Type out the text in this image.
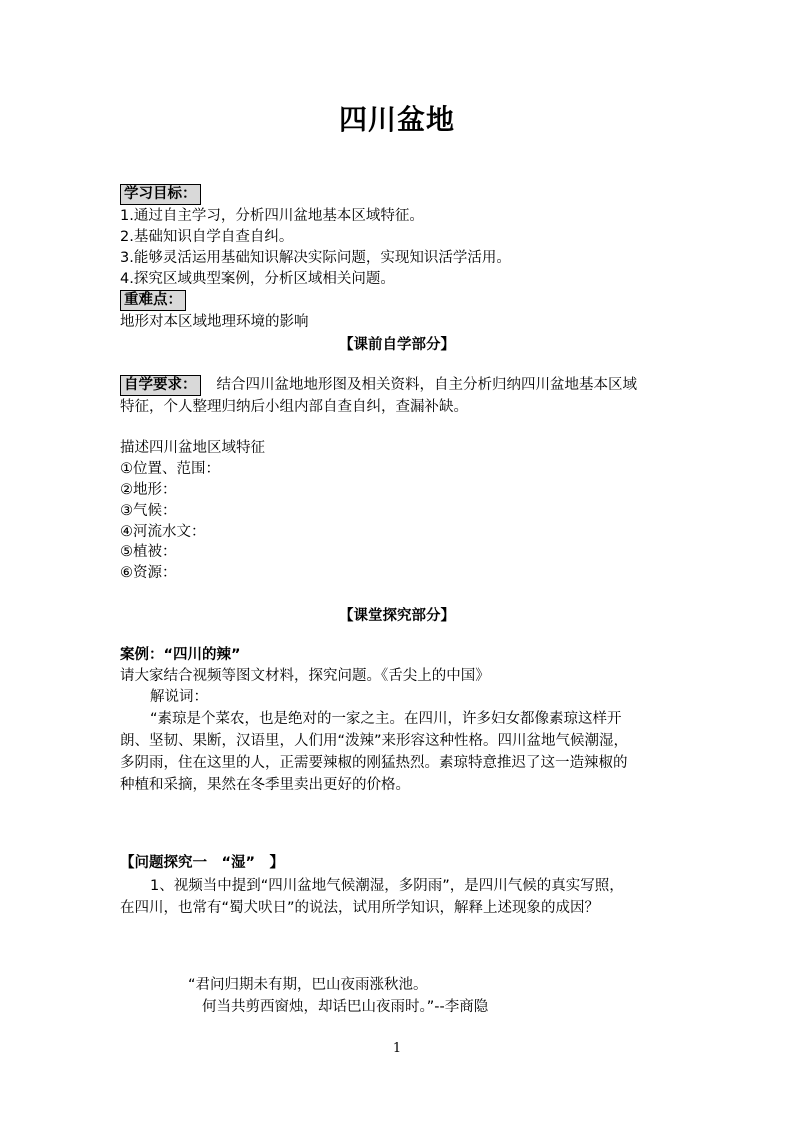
四川盆地
学习目标：
1.通过自主学习，分析四川盆地基本区域特征。
2.基础知识自学自查自纠。
3.能够灵活运用基础知识解决实际问题，实现知识活学活用。
4.探究区域典型案例，分析区域相关问题。
重难点：
地形对本区域地理环境的影响
【课前自学部分】
自学要求： 结合四川盆地地形图及相关资料，自主分析归纳四川盆地基本区域
特征，个人整理归纳后小组内部自查自纠，查漏补缺。
描述四川盆地区域特征
①位置、范围：
②地形：
③气候：
④河流水文：
⑤植被：
⑥资源：
【课堂探究部分】
案例：“四川的辣”
请大家结合视频等图文材料，探究问题。《舌尖上的中国》
解说词：
“素琼是个菜农，也是绝对的一家之主。在四川，许多妇女都像素琼这样开
朗、坚韧、果断，汉语里，人们用“泼辣”来形容这种性格。四川盆地气候潮湿，
多阴雨，住在这里的人，正需要辣椒的刚猛热烈。素琼特意推迟了这一造辣椒的
种植和采摘，果然在冬季里卖出更好的价格。
【问题探究一　“湿”　】
1、视频当中提到“四川盆地气候潮湿，多阴雨”，是四川气候的真实写照，
在四川，也常有“蜀犬吠日”的说法，试用所学知识，解释上述现象的成因？
“君问归期未有期，巴山夜雨涨秋池。
何当共剪西窗烛，却话巴山夜雨时。”--李商隐
1
